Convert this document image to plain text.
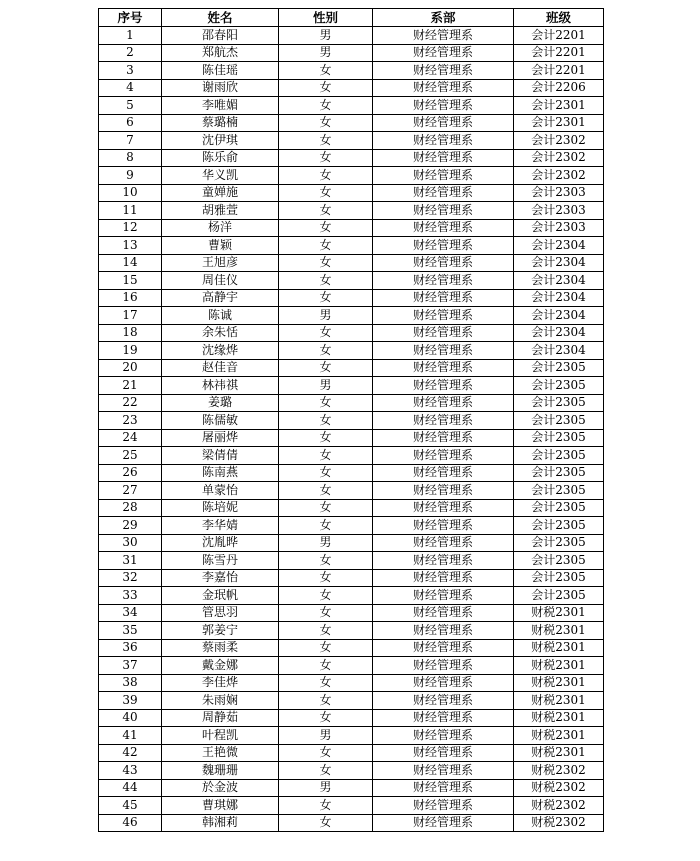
序号	姓名	性别	系部	班级
1	邵春阳	男	财经管理系	会计2201
2	郑航杰	男	财经管理系	会计2201
3	陈佳瑶	女	财经管理系	会计2201
4	谢雨欣	女	财经管理系	会计2206
5	李唯媚	女	财经管理系	会计2301
6	蔡璐楠	女	财经管理系	会计2301
7	沈伊琪	女	财经管理系	会计2302
8	陈乐俞	女	财经管理系	会计2302
9	华义凯	女	财经管理系	会计2302
10	童婵施	女	财经管理系	会计2303
11	胡雅萱	女	财经管理系	会计2303
12	杨洋	女	财经管理系	会计2303
13	曹颖	女	财经管理系	会计2304
14	王旭彦	女	财经管理系	会计2304
15	周佳仪	女	财经管理系	会计2304
16	高静宇	女	财经管理系	会计2304
17	陈诚	男	财经管理系	会计2304
18	余朱恬	女	财经管理系	会计2304
19	沈缘烨	女	财经管理系	会计2304
20	赵佳音	女	财经管理系	会计2305
21	林祎祺	男	财经管理系	会计2305
22	姜璐	女	财经管理系	会计2305
23	陈儒敏	女	财经管理系	会计2305
24	屠丽烨	女	财经管理系	会计2305
25	梁倩倩	女	财经管理系	会计2305
26	陈南燕	女	财经管理系	会计2305
27	单蒙怡	女	财经管理系	会计2305
28	陈培妮	女	财经管理系	会计2305
29	李华婧	女	财经管理系	会计2305
30	沈胤晔	男	财经管理系	会计2305
31	陈雪丹	女	财经管理系	会计2305
32	李嘉怡	女	财经管理系	会计2305
33	金珉帆	女	财经管理系	会计2305
34	管思羽	女	财经管理系	财税2301
35	郭姜宁	女	财经管理系	财税2301
36	蔡雨柔	女	财经管理系	财税2301
37	戴金娜	女	财经管理系	财税2301
38	李佳烨	女	财经管理系	财税2301
39	朱雨娴	女	财经管理系	财税2301
40	周静茹	女	财经管理系	财税2301
41	叶程凯	男	财经管理系	财税2301
42	王艳微	女	财经管理系	财税2301
43	魏珊珊	女	财经管理系	财税2302
44	於金波	男	财经管理系	财税2302
45	曹琪娜	女	财经管理系	财税2302
46	韩湘莉	女	财经管理系	财税2302
